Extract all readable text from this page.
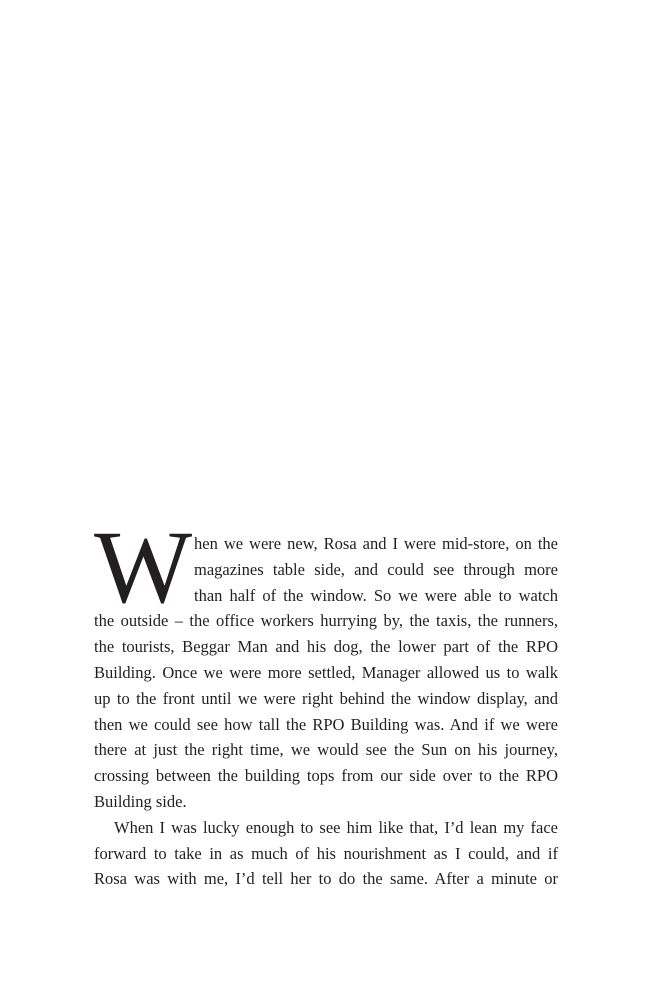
W hen we were new, Rosa and I were mid-store, on the
magazines table side, and could see through more
than half of the window. So we were able to watch
the outside – the office workers hurrying by, the taxis, the runners,
the tourists, Beggar Man and his dog, the lower part of the RPO
Building. Once we were more settled, Manager allowed us to walk
up to the front until we were right behind the window display, and
then we could see how tall the RPO Building was. And if we were
there at just the right time, we would see the Sun on his journey,
crossing between the building tops from our side over to the RPO
Building side.
When I was lucky enough to see him like that, I’d lean my face
forward to take in as much of his nourishment as I could, and if
Rosa was with me, I’d tell her to do the same. After a minute or
